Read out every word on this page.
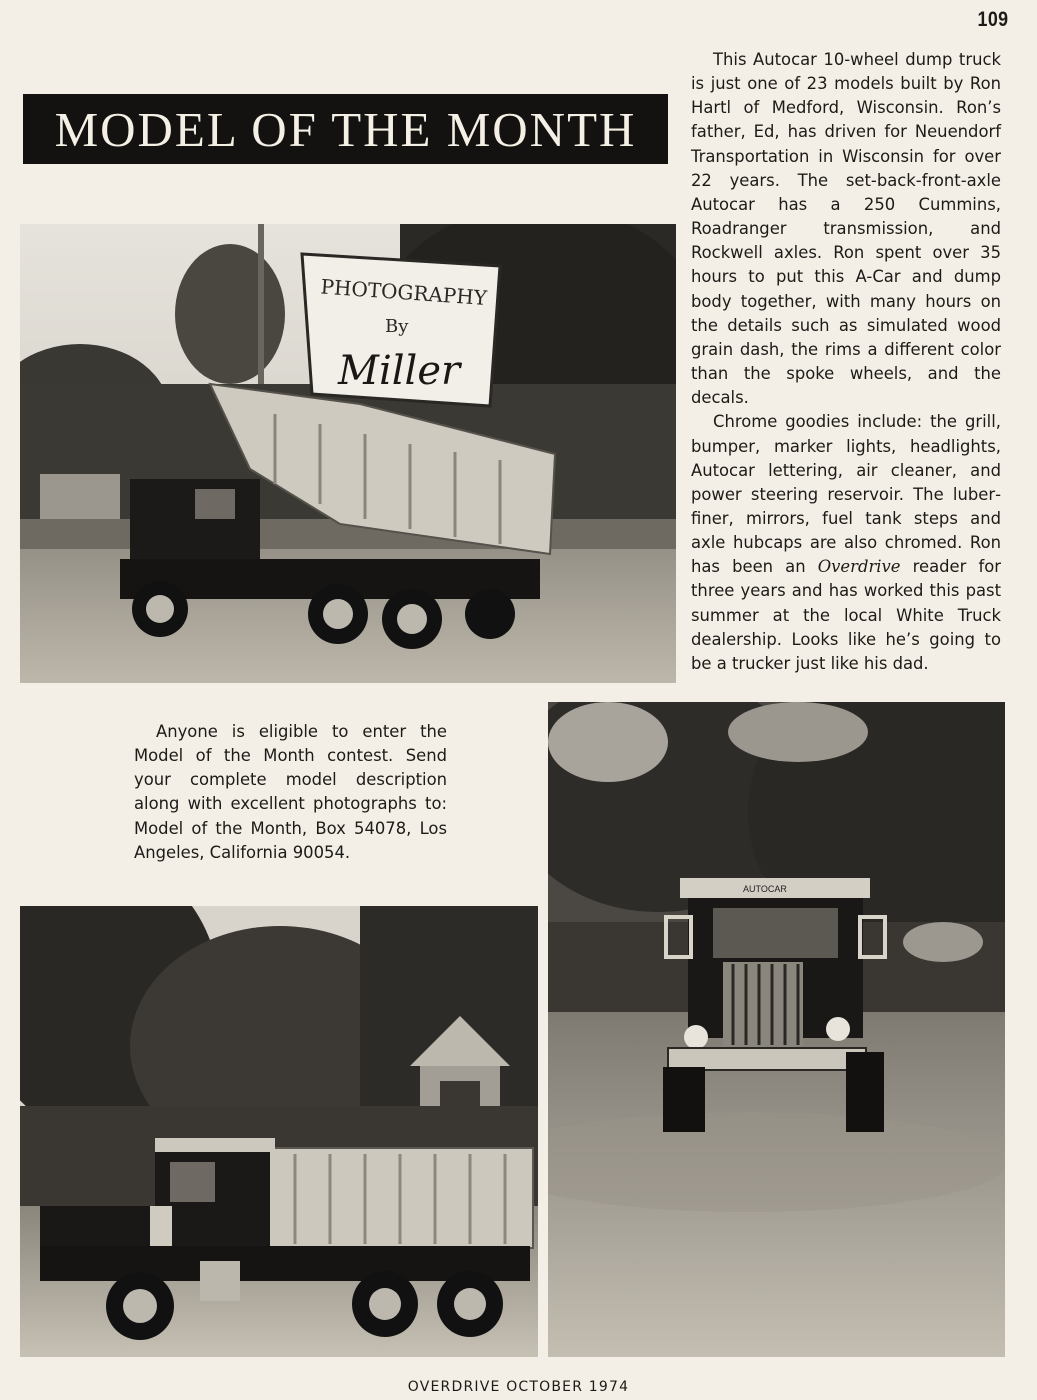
109
MODEL OF THE MONTH

This Autocar 10-wheel dump truck is just one of 23 models built by Ron Hartl of Medford, Wisconsin. Ron’s father, Ed, has driven for Neuendorf Transportation in Wisconsin for over 22 years. The set-back-front-axle Autocar has a 250 Cummins, Roadranger transmission, and Rockwell axles. Ron spent over 35 hours to put this A-Car and dump body together, with many hours on the details such as simulated wood grain dash, the rims a different color than the spoke wheels, and the decals.

Chrome goodies include: the grill, bumper, marker lights, headlights, Autocar lettering, air cleaner, and power steering reservoir. The luberfiner, mirrors, fuel tank steps and axle hubcaps are also chromed. Ron has been an Overdrive reader for three years and has worked this past summer at the local White Truck dealership. Looks like he’s going to be a trucker just like his dad.

PHOTOGRAPHY
By
Miller

Anyone is eligible to enter the Model of the Month contest. Send your complete model description along with excellent photographs to: Model of the Month, Box 54078, Los Angeles, California 90054.

AUTOCAR
OVERDRIVE OCTOBER 1974
